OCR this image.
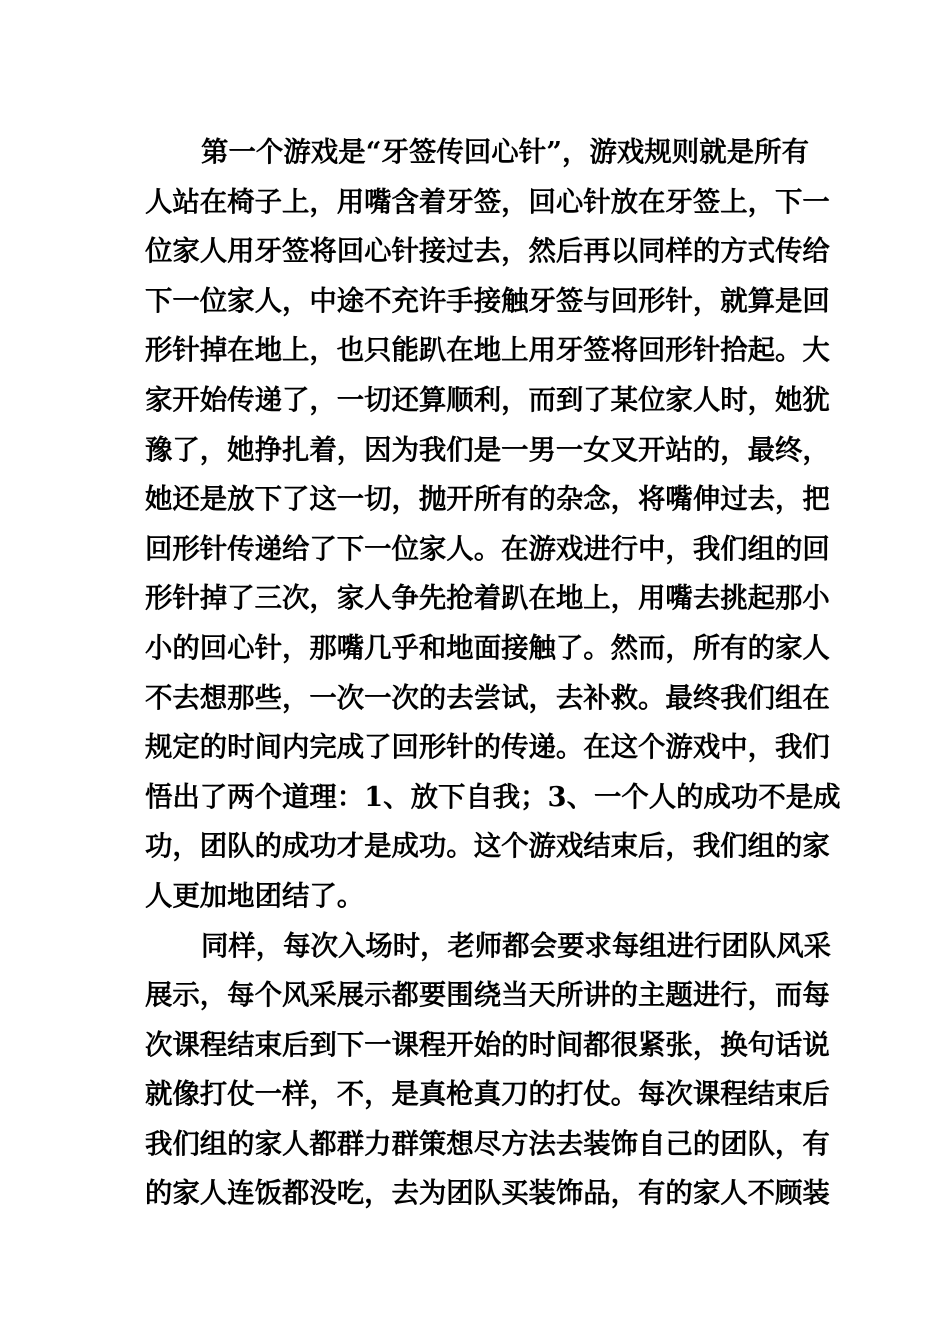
第一个游戏是“牙签传回心针”，游戏规则就是所有
人站在椅子上，用嘴含着牙签，回心针放在牙签上，下一
位家人用牙签将回心针接过去，然后再以同样的方式传给
下一位家人，中途不充许手接触牙签与回形针，就算是回
形针掉在地上，也只能趴在地上用牙签将回形针拾起。大
家开始传递了，一切还算顺利，而到了某位家人时，她犹
豫了，她挣扎着，因为我们是一男一女叉开站的，最终，
她还是放下了这一切，抛开所有的杂念，将嘴伸过去，把
回形针传递给了下一位家人。在游戏进行中，我们组的回
形针掉了三次，家人争先抢着趴在地上，用嘴去挑起那小
小的回心针，那嘴几乎和地面接触了。然而，所有的家人
不去想那些，一次一次的去尝试，去补救。最终我们组在
规定的时间内完成了回形针的传递。在这个游戏中，我们
悟出了两个道理：1、放下自我；3、一个人的成功不是成
功，团队的成功才是成功。这个游戏结束后，我们组的家
人更加地团结了。
同样，每次入场时，老师都会要求每组进行团队风采
展示，每个风采展示都要围绕当天所讲的主题进行，而每
次课程结束后到下一课程开始的时间都很紧张，换句话说
就像打仗一样，不，是真枪真刀的打仗。每次课程结束后
我们组的家人都群力群策想尽方法去装饰自己的团队，有
的家人连饭都没吃，去为团队买装饰品，有的家人不顾装
